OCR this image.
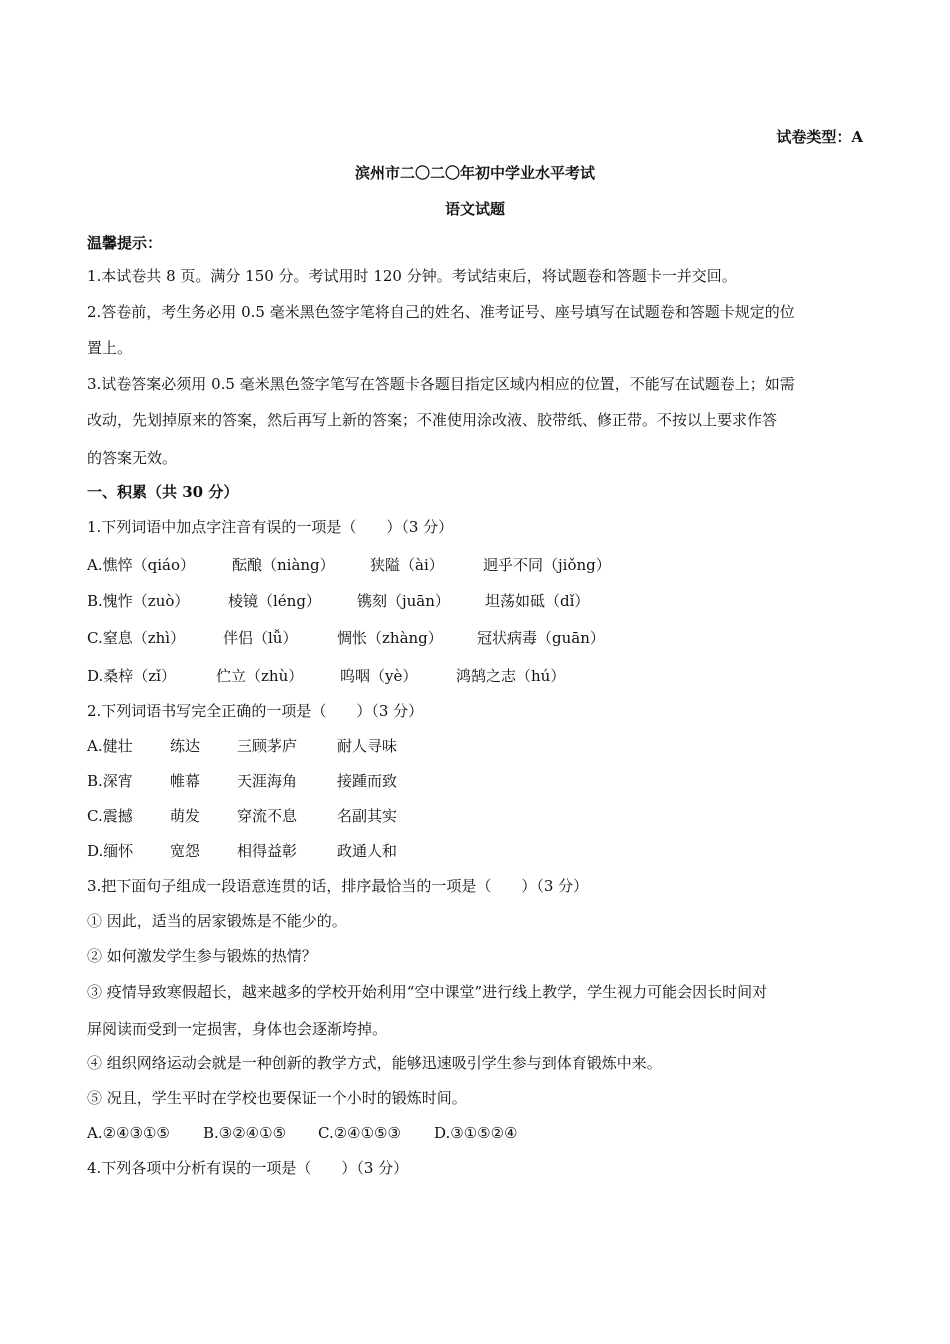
试卷类型：A
滨州市二〇二〇年初中学业水平考试
语文试题
温馨提示：
1.本试卷共 8 页。满分 150 分。考试用时 120 分钟。考试结束后，将试题卷和答题卡一并交回。
2.答卷前，考生务必用 0.5 毫米黑色签字笔将自己的姓名、准考证号、座号填写在试题卷和答题卡规定的位
置上。
3.试卷答案必须用 0.5 毫米黑色签字笔写在答题卡各题目指定区域内相应的位置，不能写在试题卷上；如需
改动，先划掉原来的答案，然后再写上新的答案；不准使用涂改液、胶带纸、修正带。不按以上要求作答
的答案无效。
一、积累（共 30 分）
1.下列词语中加点字注音有误的一项是（　　）（3 分）
A.憔悴（qiáo） 酝酿（niàng） 狭隘（ài）	迥乎不同（jiǒng）
B.愧怍（zuò）	棱镜（léng） 镌刻（juān） 坦荡如砥（dǐ）
C.窒息（zhì）	伴侣（lǚ）	惆怅（zhàng） 冠状病毒（guān）
D.桑梓（zǐ）	伫立（zhù） 呜咽（yè）	鸿鹄之志（hú）
2.下列词语书写完全正确的一项是（　　）（3 分）
A.健壮 练达 三顾茅庐	耐人寻味
B.深宵 帷幕 天涯海角	接踵而致
C.震撼 萌发 穿流不息	名副其实
D.缅怀 宽怨 相得益彰	政通人和
3.把下面句子组成一段语意连贯的话，排序最恰当的一项是（　　）（3 分）
① 因此，适当的居家锻炼是不能少的。
② 如何激发学生参与锻炼的热情？
③ 疫情导致寒假超长，越来越多的学校开始利用“空中课堂”进行线上教学，学生视力可能会因长时间对
屏阅读而受到一定损害，身体也会逐渐垮掉。
④ 组织网络运动会就是一种创新的教学方式，能够迅速吸引学生参与到体育锻炼中来。
⑤ 况且，学生平时在学校也要保证一个小时的锻炼时间。
A.②④③①⑤ B.③②④①⑤ C.②④①⑤③ D.③①⑤②④
4.下列各项中分析有误的一项是（　　）（3 分）
